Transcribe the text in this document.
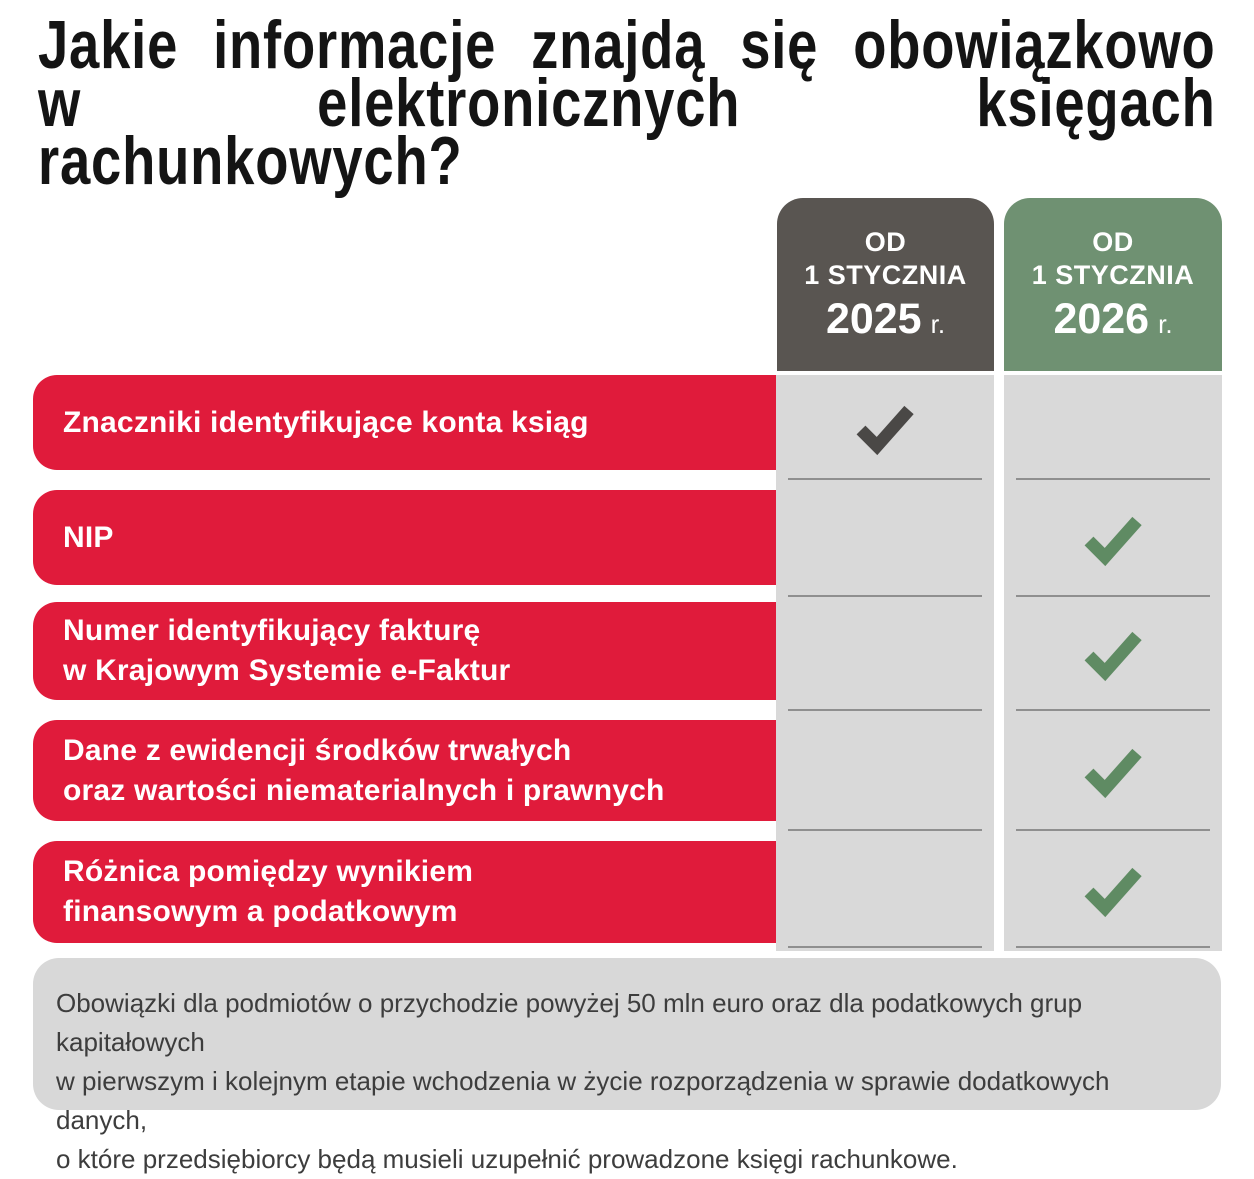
Jakie informacje znajdą się obowiązkowo
w elektronicznych księgach rachunkowych?
OD
1 STYCZNIA
2025 r.
OD
1 STYCZNIA
2026 r.
Znaczniki identyfikujące konta ksiąg
NIP
Numer identyfikujący fakturę
w Krajowym Systemie e-Faktur
Dane z ewidencji środków trwałych
oraz wartości niematerialnych i prawnych
Różnica pomiędzy wynikiem
finansowym a podatkowym
Obowiązki dla podmiotów o przychodzie powyżej 50 mln euro oraz dla podatkowych grup kapitałowych
w pierwszym i kolejnym etapie wchodzenia w życie rozporządzenia w sprawie dodatkowych danych,
o które przedsiębiorcy będą musieli uzupełnić prowadzone księgi rachunkowe.
